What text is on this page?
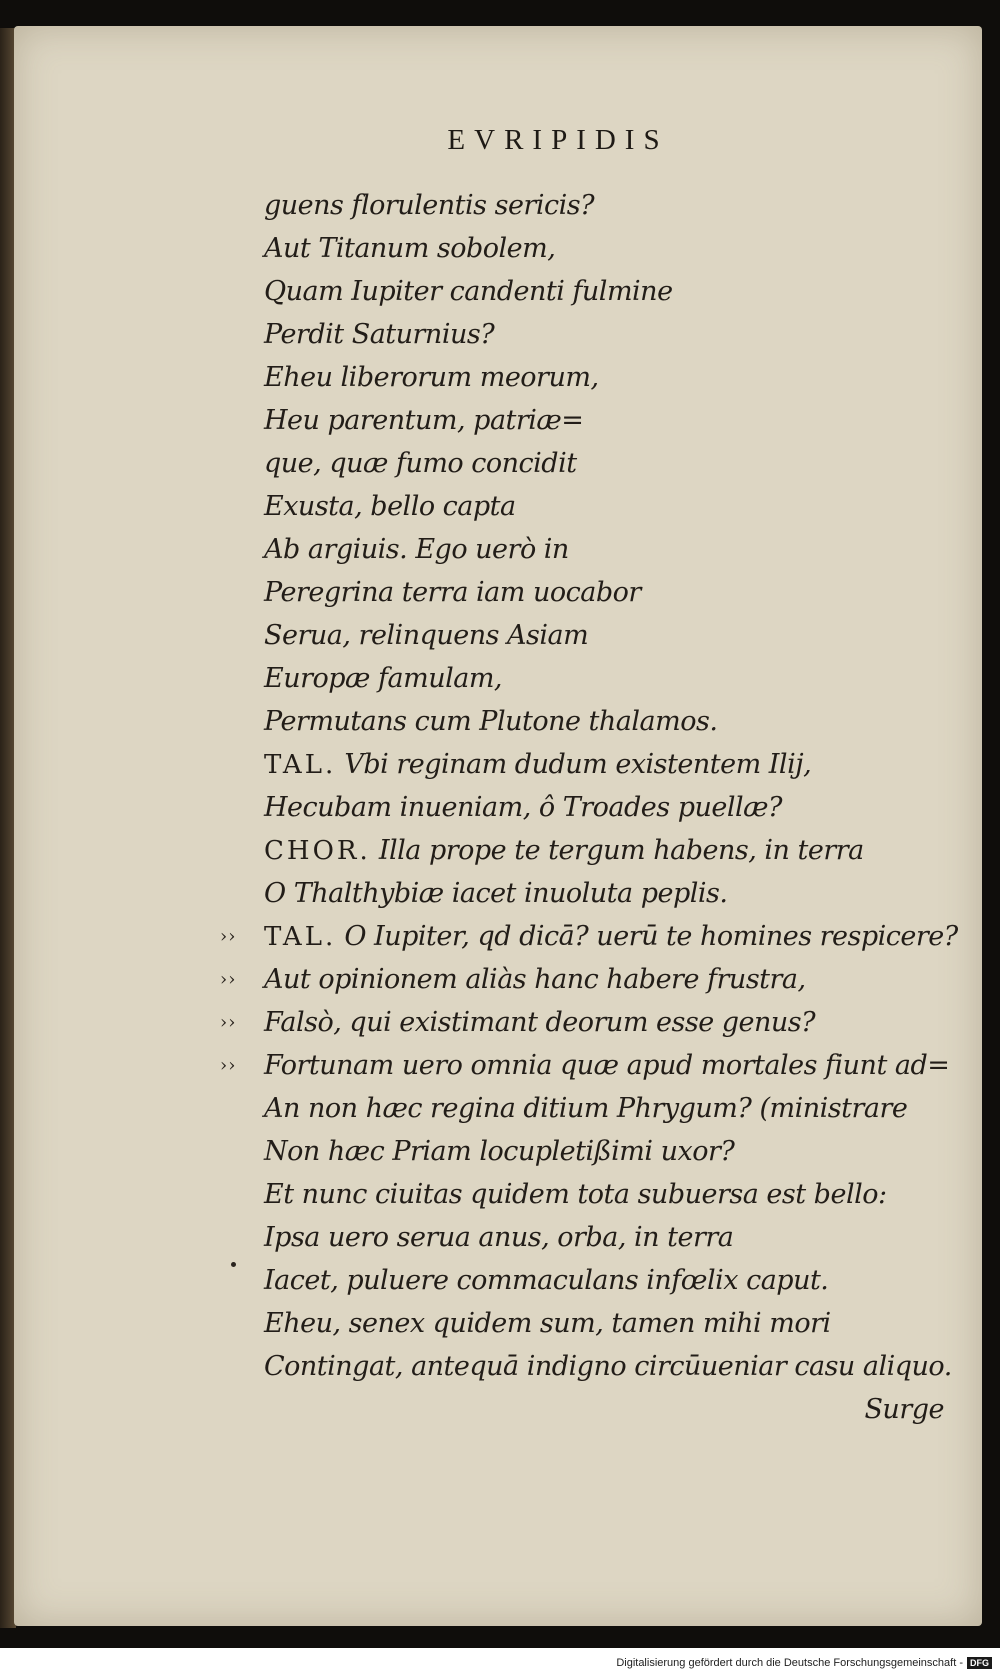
EVRIPIDIS
guens florulentis sericis?
Aut Titanum sobolem,
Quam Iupiter candenti fulmine
Perdit Saturnius?
Eheu liberorum meorum,
Heu parentum, patriæ=
que, quæ fumo concidit
Exusta, bello capta
Ab argiuis. Ego uerò in
Peregrina terra iam uocabor
Serua, relinquens Asiam
Europæ famulam,
Permutans cum Plutone thalamos.
TAL. Vbi reginam dudum existentem Ilij,
Hecubam inueniam, ô Troades puellæ?
CHOR. Illa prope te tergum habens, in terra
O Thalthybiæ iacet inuoluta peplis.
›› TAL. O Iupiter, qd dicā? uerū te homines respicere?
›› Aut opinionem aliàs hanc habere frustra,
›› Falsò, qui existimant deorum esse genus?
›› Fortunam uero omnia quæ apud mortales fiunt ad=
An non hæc regina ditium Phrygum? (ministrare
Non hæc Priam locupletißimi uxor?
Et nunc ciuitas quidem tota subuersa est bello:
Ipsa uero serua anus, orba, in terra
Iacet, puluere commaculans infœlix caput.
Eheu, senex quidem sum, tamen mihi mori
Contingat, antequā indigno circūueniar casu aliquo.
Surge
Digitalisierung gefördert durch die Deutsche Forschungsgemeinschaft - DFG
